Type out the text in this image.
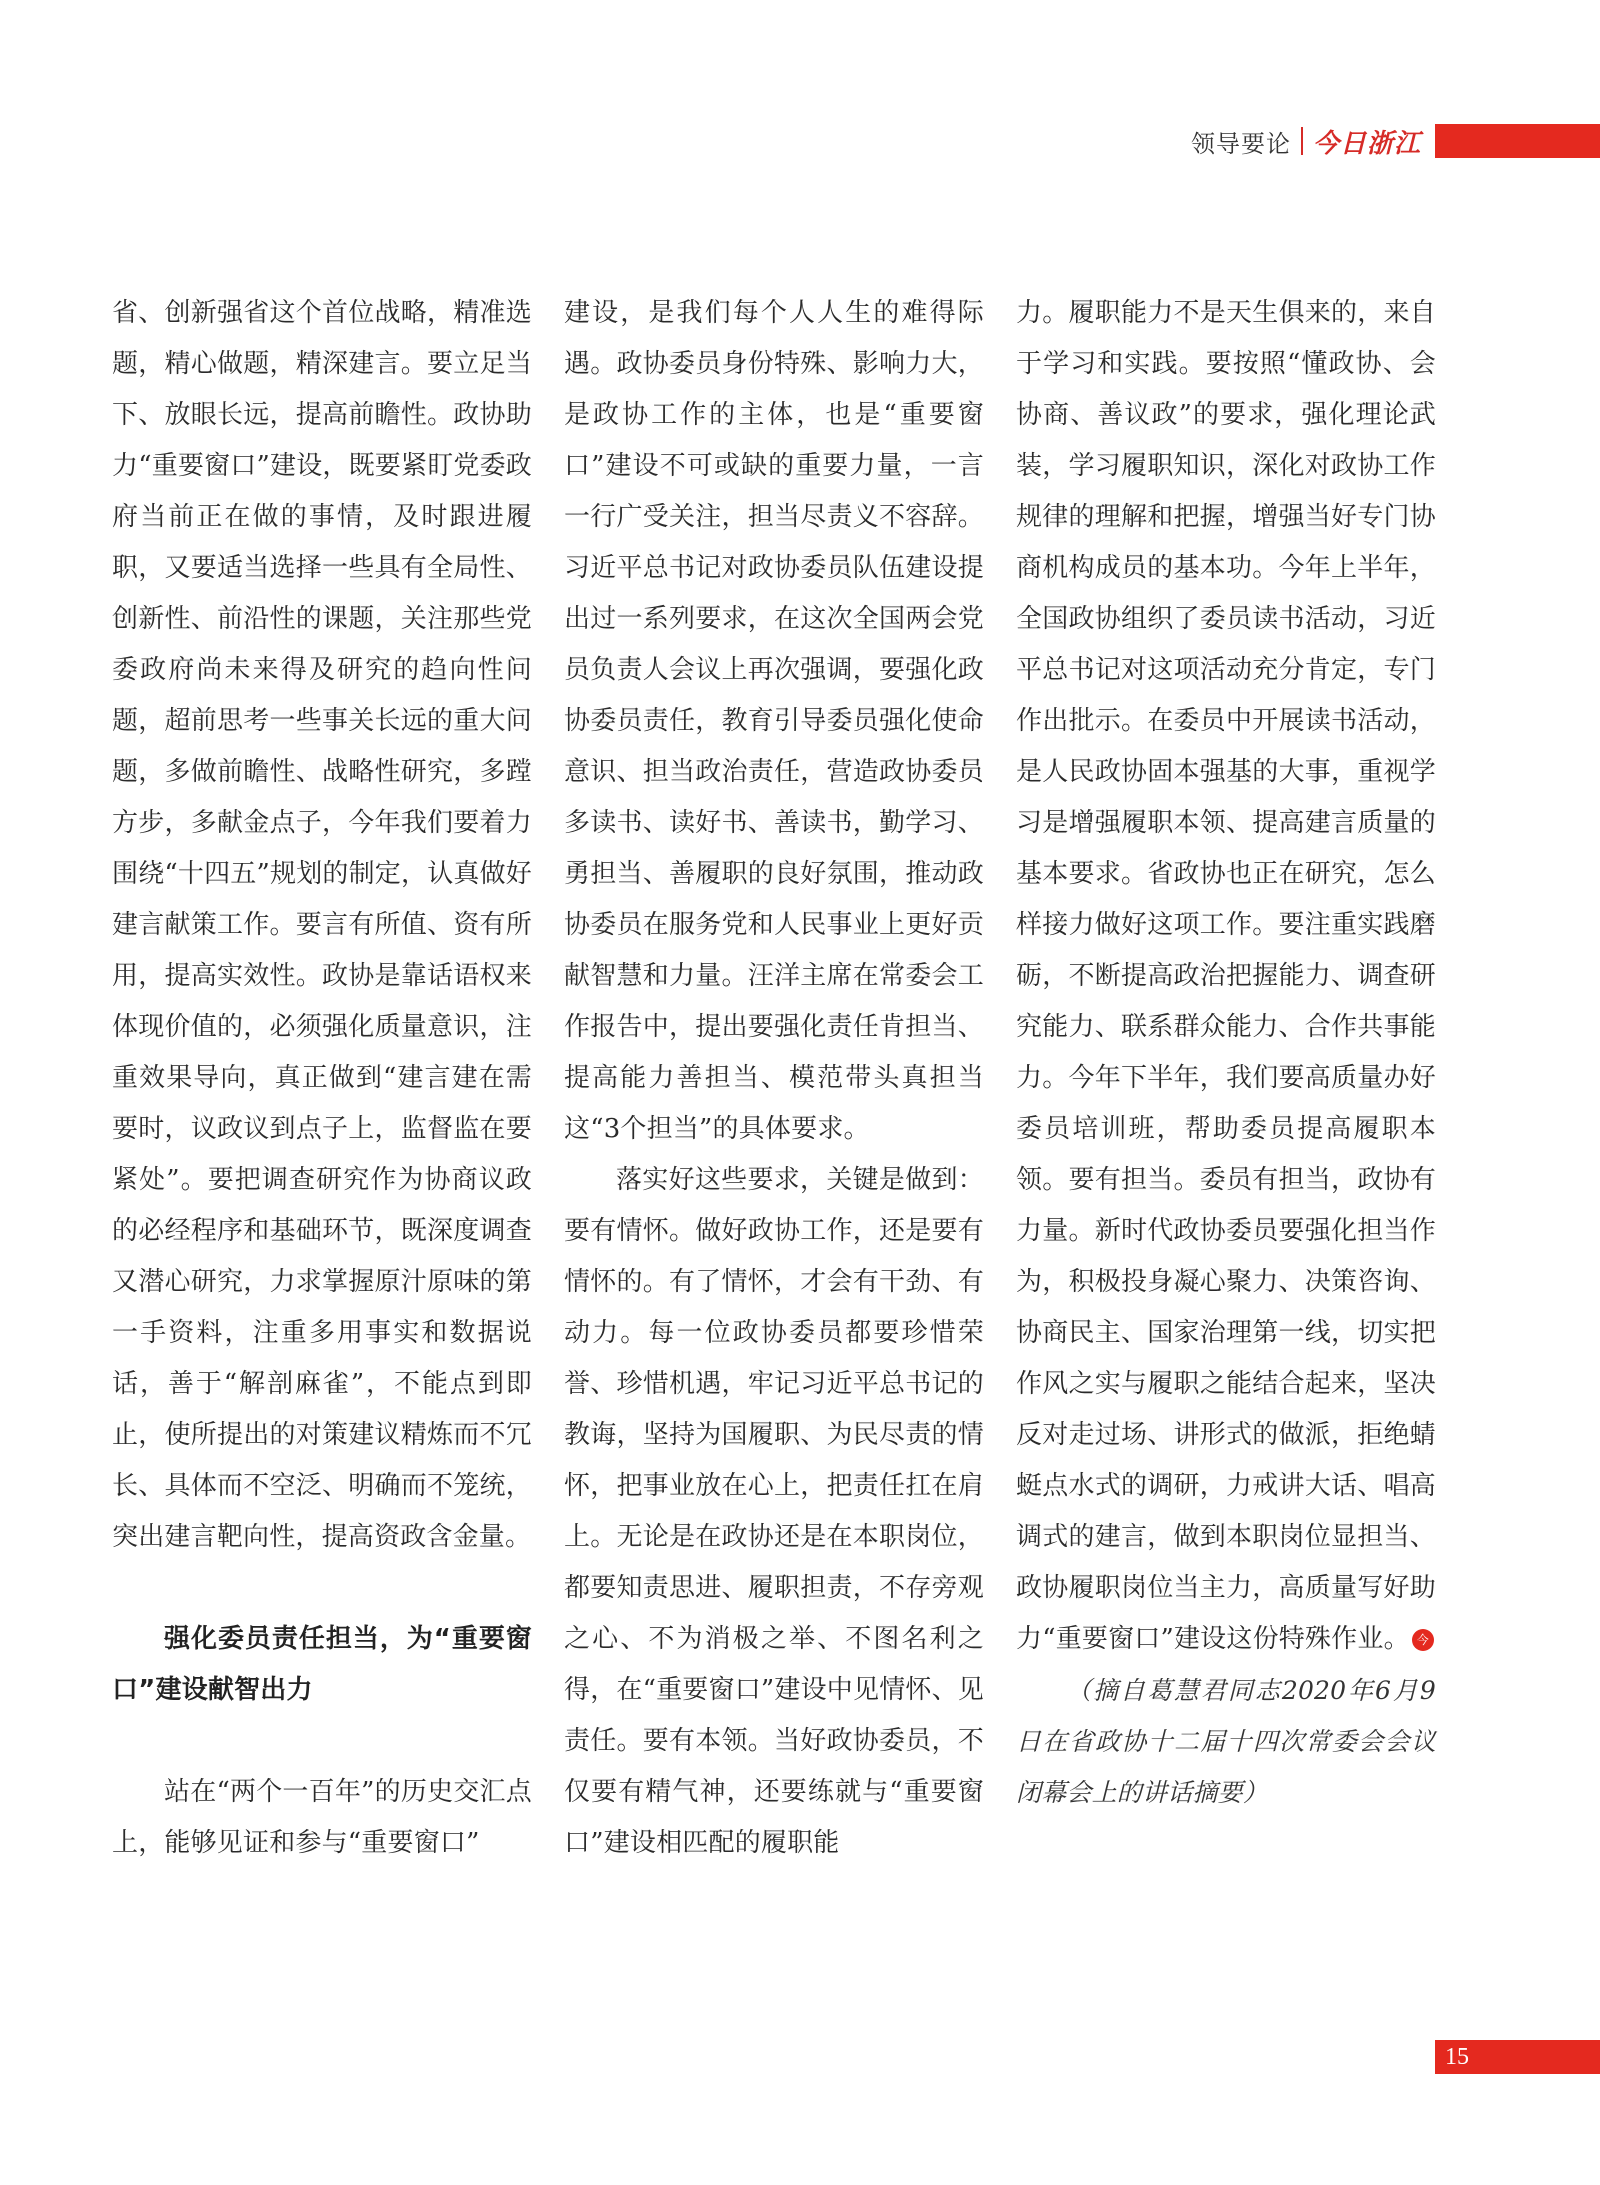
领导要论 今日浙江

省、创新强省这个首位战略，精准选题，精心做题，精深建言。要立足当下、放眼长远，提高前瞻性。政协助力“重要窗口”建设，既要紧盯党委政府当前正在做的事情，及时跟进履职，又要适当选择一些具有全局性、创新性、前沿性的课题，关注那些党委政府尚未来得及研究的趋向性问题，超前思考一些事关长远的重大问题，多做前瞻性、战略性研究，多蹚方步，多献金点子，今年我们要着力围绕“十四五”规划的制定，认真做好建言献策工作。要言有所值、资有所用，提高实效性。政协是靠话语权来体现价值的，必须强化质量意识，注重效果导向，真正做到“建言建在需要时，议政议到点子上，监督监在要紧处”。要把调查研究作为协商议政的必经程序和基础环节，既深度调查又潜心研究，力求掌握原汁原味的第一手资料，注重多用事实和数据说话，善于“解剖麻雀”，不能点到即止，使所提出的对策建议精炼而不冗长、具体而不空泛、明确而不笼统，突出建言靶向性，提高资政含金量。

强化委员责任担当，为“重要窗口”建设献智出力

站在“两个一百年”的历史交汇点上，能够见证和参与“重要窗口”

建设，是我们每个人人生的难得际遇。政协委员身份特殊、影响力大，是政协工作的主体，也是“重要窗口”建设不可或缺的重要力量，一言一行广受关注，担当尽责义不容辞。习近平总书记对政协委员队伍建设提出过一系列要求，在这次全国两会党员负责人会议上再次强调，要强化政协委员责任，教育引导委员强化使命意识、担当政治责任，营造政协委员多读书、读好书、善读书，勤学习、勇担当、善履职的良好氛围，推动政协委员在服务党和人民事业上更好贡献智慧和力量。汪洋主席在常委会工作报告中，提出要强化责任肯担当、提高能力善担当、模范带头真担当这“3个担当”的具体要求。

落实好这些要求，关键是做到：要有情怀。做好政协工作，还是要有情怀的。有了情怀，才会有干劲、有动力。每一位政协委员都要珍惜荣誉、珍惜机遇，牢记习近平总书记的教诲，坚持为国履职、为民尽责的情怀，把事业放在心上，把责任扛在肩上。无论是在政协还是在本职岗位，都要知责思进、履职担责，不存旁观之心、不为消极之举、不图名利之得，在“重要窗口”建设中见情怀、见责任。要有本领。当好政协委员，不仅要有精气神，还要练就与“重要窗口”建设相匹配的履职能

力。履职能力不是天生俱来的，来自于学习和实践。要按照“懂政协、会协商、善议政”的要求，强化理论武装，学习履职知识，深化对政协工作规律的理解和把握，增强当好专门协商机构成员的基本功。今年上半年，全国政协组织了委员读书活动，习近平总书记对这项活动充分肯定，专门作出批示。在委员中开展读书活动，是人民政协固本强基的大事，重视学习是增强履职本领、提高建言质量的基本要求。省政协也正在研究，怎么样接力做好这项工作。要注重实践磨砺，不断提高政治把握能力、调查研究能力、联系群众能力、合作共事能力。今年下半年，我们要高质量办好委员培训班，帮助委员提高履职本领。要有担当。委员有担当，政协有力量。新时代政协委员要强化担当作为，积极投身凝心聚力、决策咨询、协商民主、国家治理第一线，切实把作风之实与履职之能结合起来，坚决反对走过场、讲形式的做派，拒绝蜻蜓点水式的调研，力戒讲大话、唱高调式的建言，做到本职岗位显担当、政协履职岗位当主力，高质量写好助力“重要窗口”建设这份特殊作业。 今

（摘自葛慧君同志2020年6月9日在省政协十二届十四次常委会会议闭幕会上的讲话摘要）

15
